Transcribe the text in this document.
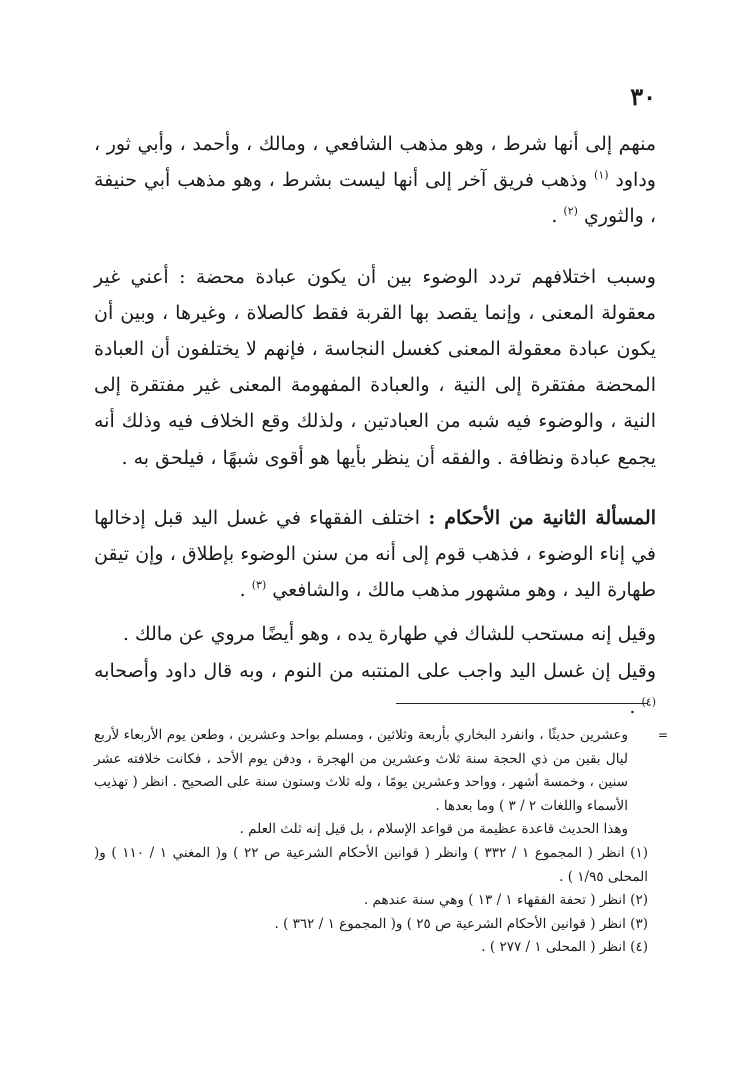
٣٠

منهم إلى أنها شرط ، وهو مذهب الشافعي ، ومالك ، وأحمد ، وأبي ثور ، وداود $^{(١)}$ وذهب فريق آخر إلى أنها ليست بشرط ، وهو مذهب أبي حنيفة ، والثوري $^{(٢)}$ .

وسبب اختلافهم تردد الوضوء بين أن يكون عبادة محضة : أعني غير معقولة المعنى ، وإنما يقصد بها القربة فقط كالصلاة ، وغيرها ، وبين أن يكون عبادة معقولة المعنى كغسل النجاسة ، فإنهم لا يختلفون أن العبادة المحضة مفتقرة إلى النية ، والعبادة المفهومة المعنى غير مفتقرة إلى النية ، والوضوء فيه شبه من العبادتين ، ولذلك وقع الخلاف فيه وذلك أنه يجمع عبادة ونظافة . والفقه أن ينظر بأيها هو أقوى شبهًا ، فيلحق به .

المسألة الثانية من الأحكام : اختلف الفقهاء في غسل اليد قبل إدخالها في إناء الوضوء ، فذهب قوم إلى أنه من سنن الوضوء بإطلاق ، وإن تيقن طهارة اليد ، وهو مشهور مذهب مالك ، والشافعي $^{(٣)}$ .

وقيل إنه مستحب للشاك في طهارة يده ، وهو أيضًا مروي عن مالك .

وقيل إن غسل اليد واجب على المنتبه من النوم ، وبه قال داود وأصحابه $^{(٤)}$ .

=

وعشرين حديثًا ، وانفرد البخاري بأربعة وثلاثين ، ومسلم بواحد وعشرين ، وطعن يوم الأربعاء لأربع ليال بقين من ذي الحجة سنة ثلاث وعشرين من الهجرة ، ودفن يوم الأحد ، فكانت خلافته عشر سنين ، وخمسة أشهر ، وواحد وعشرين يومًا ، وله ثلاث وستون سنة على الصحيح . انظر ( تهذيب الأسماء واللغات ٢ / ٣ ) وما بعدها .

وهذا الحديث قاعدة عظيمة من قواعد الإسلام ، بل قيل إنه ثلث العلم .

(١) انظر ( المجموع ١ / ٣٣٢ ) وانظر ( قوانين الأحكام الشرعية ص ٢٢ ) و( المغني ١ / ١١٠ ) و( المحلى ١/٩٥ ) .

(٢) انظر ( تحفة الفقهاء ١ / ١٣ ) وهي سنة عندهم .

(٣) انظر ( قوانين الأحكام الشرعية ص ٢٥ ) و( المجموع ١ / ٣٦٢ ) .

(٤) انظر ( المحلى ١ / ٢٧٧ ) .
